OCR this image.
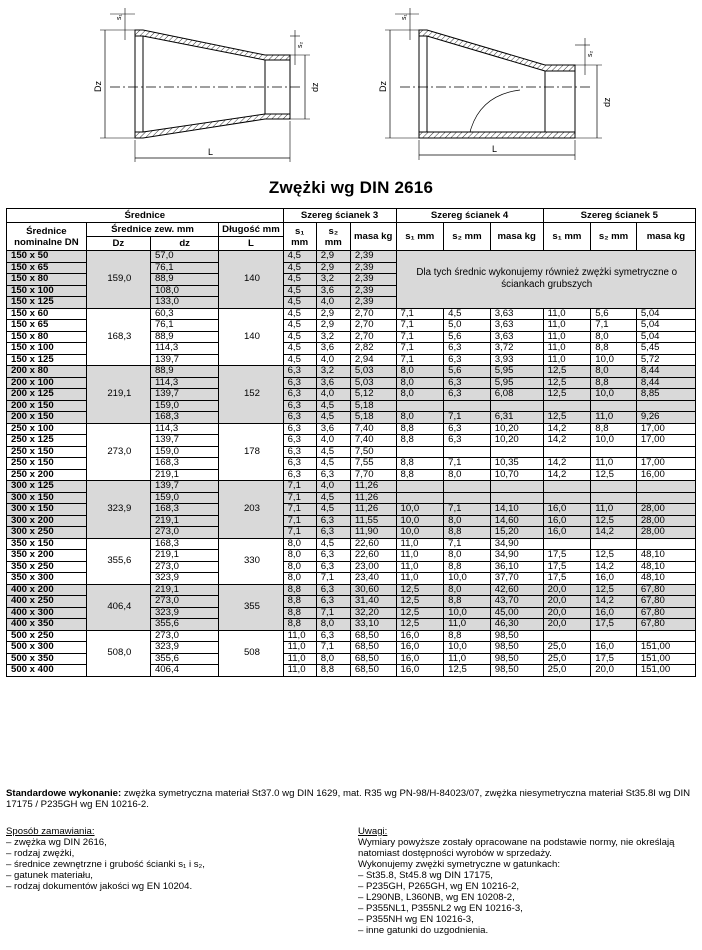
Dz
s₁
s₂
dz
L
Dz
s₁
s₂
dz
L
Zwężki wg DIN 2616
Średnice				Szereg ścianek 3			Szereg ścianek 4			Szereg ścianek 5		
Średnice nominalne DN	Średnice zew. mm		Długość mm	s₁ mm	s₂ mm	masa kg	s₁ mm	s₂ mm	masa kg	s₁ mm	s₂ mm	masa kg
	Dz	dz	L									
150 x 50	159,0	57,0	140	4,5	2,9	2,39	Dla tych średnic wykonujemy również zwężki symetryczne o ściankach grubszych					
150 x 65		76,1		4,5	2,9	2,39						
150 x 80		88,9		4,5	3,2	2,39						
150 x 100		108,0		4,5	3,6	2,39						
150 x 125		133,0		4,5	4,0	2,39						
150 x 60	168,3	60,3	140	4,5	2,9	2,70	7,1	4,5	3,63	11,0	5,6	5,04
150 x 65		76,1		4,5	2,9	2,70	7,1	5,0	3,63	11,0	7,1	5,04
150 x 80		88,9		4,5	3,2	2,70	7,1	5,6	3,63	11,0	8,0	5,04
150 x 100		114,3		4,5	3,6	2,82	7,1	6,3	3,72	11,0	8,8	5,45
150 x 125		139,7		4,5	4,0	2,94	7,1	6,3	3,93	11,0	10,0	5,72
200 x 80	219,1	88,9	152	6,3	3,2	5,03	8,0	5,6	5,95	12,5	8,0	8,44
200 x 100		114,3		6,3	3,6	5,03	8,0	6,3	5,95	12,5	8,8	8,44
200 x 125		139,7		6,3	4,0	5,12	8,0	6,3	6,08	12,5	10,0	8,85
200 x 150		159,0		6,3	4,5	5,18						
200 x 150		168,3		6,3	4,5	5,18	8,0	7,1	6,31	12,5	11,0	9,26
250 x 100	273,0	114,3	178	6,3	3,6	7,40	8,8	6,3	10,20	14,2	8,8	17,00
250 x 125		139,7		6,3	4,0	7,40	8,8	6,3	10,20	14,2	10,0	17,00
250 x 150		159,0		6,3	4,5	7,50						
250 x 150		168,3		6,3	4,5	7,55	8,8	7,1	10,35	14,2	11,0	17,00
250 x 200		219,1		6,3	6,3	7,70	8,8	8,0	10,70	14,2	12,5	16,00
300 x 125	323,9	139,7	203	7,1	4,0	11,26						
300 x 150		159,0		7,1	4,5	11,26						
300 x 150		168,3		7,1	4,5	11,26	10,0	7,1	14,10	16,0	11,0	28,00
300 x 200		219,1		7,1	6,3	11,55	10,0	8,0	14,60	16,0	12,5	28,00
300 x 250		273,0		7,1	6,3	11,90	10,0	8,8	15,20	16,0	14,2	28,00
350 x 150	355,6	168,3	330	8,0	4,5	22,60	11,0	7,1	34,90			
350 x 200		219,1		8,0	6,3	22,60	11,0	8,0	34,90	17,5	12,5	48,10
350 x 250		273,0		8,0	6,3	23,00	11,0	8,8	36,10	17,5	14,2	48,10
350 x 300		323,9		8,0	7,1	23,40	11,0	10,0	37,70	17,5	16,0	48,10
400 x 200	406,4	219,1	355	8,8	6,3	30,60	12,5	8,0	42,60	20,0	12,5	67,80
400 x 250		273,0		8,8	6,3	31,40	12,5	8,8	43,70	20,0	14,2	67,80
400 x 300		323,9		8,8	7,1	32,20	12,5	10,0	45,00	20,0	16,0	67,80
400 x 350		355,6		8,8	8,0	33,10	12,5	11,0	46,30	20,0	17,5	67,80
500 x 250	508,0	273,0	508	11,0	6,3	68,50	16,0	8,8	98,50			
500 x 300		323,9		11,0	7,1	68,50	16,0	10,0	98,50	25,0	16,0	151,00
500 x 350		355,6		11,0	8,0	68,50	16,0	11,0	98,50	25,0	17,5	151,00
500 x 400		406,4		11,0	8,8	68,50	16,0	12,5	98,50	25,0	20,0	151,00
Standardowe wykonanie: zwężka symetryczna materiał St37.0 wg DIN 1629, mat. R35 wg PN-98/H-84023/07, zwężka niesymetryczna materiał St35.8I wg DIN 17175 / P235GH wg EN 10216-2.
Sposób zamawiania:
– zwężka wg DIN 2616,
– rodzaj zwężki,
– średnice zewnętrzne i grubość ścianki s₁ i s₂,
– gatunek materiału,
– rodzaj dokumentów jakości wg EN 10204.
Uwagi:
Wymiary powyższe zostały opracowane na podstawie normy, nie określają natomiast dostępności wyrobów w sprzedaży.
Wykonujemy zwężki symetryczne w gatunkach:
– St35.8, St45.8 wg DIN 17175,
– P235GH, P265GH, wg EN 10216-2,
– L290NB, L360NB, wg EN 10208-2,
– P355NL1, P355NL2 wg EN 10216-3,
– P355NH wg EN 10216-3,
– inne gatunki do uzgodnienia.
